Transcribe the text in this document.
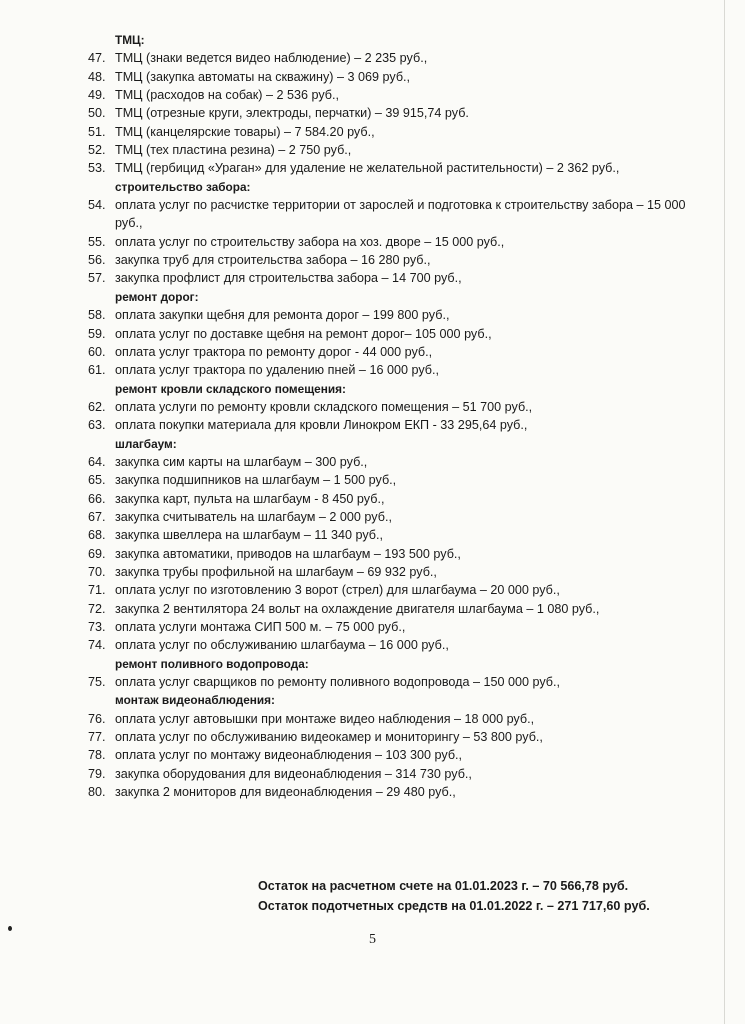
ТМЦ:
47. ТМЦ (знаки ведется видео наблюдение) – 2 235 руб.,
48. ТМЦ (закупка автоматы на скважину) – 3 069 руб.,
49. ТМЦ (расходов на собак) – 2 536 руб.,
50. ТМЦ (отрезные круги, электроды, перчатки) – 39 915,74 руб.
51. ТМЦ (канцелярские товары) – 7 584.20 руб.,
52. ТМЦ (тех пластина резина) – 2 750 руб.,
53. ТМЦ (гербицид «Ураган» для удаление не желательной растительности) – 2 362 руб.,
строительство забора:
54. оплата услуг по расчистке территории от зарослей и подготовка к строительству забора – 15 000 руб.,
55. оплата услуг по строительству забора на хоз. дворе – 15 000 руб.,
56. закупка труб для строительства забора – 16 280 руб.,
57. закупка профлист для строительства забора – 14 700 руб.,
ремонт дорог:
58. оплата закупки щебня для ремонта дорог – 199 800 руб.,
59. оплата услуг по доставке щебня на ремонт дорог– 105 000 руб.,
60. оплата услуг трактора по ремонту дорог - 44 000 руб.,
61. оплата услуг трактора по удалению пней – 16 000 руб.,
ремонт кровли складского помещения:
62. оплата услуги по ремонту кровли складского помещения – 51 700 руб.,
63. оплата покупки материала для кровли Линокром ЕКП - 33 295,64 руб.,
шлагбаум:
64. закупка сим карты на шлагбаум – 300 руб.,
65. закупка подшипников на шлагбаум – 1 500 руб.,
66. закупка карт, пульта на шлагбаум - 8 450 руб.,
67. закупка считыватель на шлагбаум – 2 000 руб.,
68. закупка швеллера на шлагбаум – 11 340 руб.,
69. закупка автоматики, приводов на шлагбаум – 193 500 руб.,
70. закупка трубы профильной на шлагбаум – 69 932 руб.,
71. оплата услуг по изготовлению 3 ворот (стрел) для шлагбаума – 20 000 руб.,
72. закупка 2 вентилятора 24 вольт на охлаждение двигателя шлагбаума – 1 080 руб.,
73. оплата услуги монтажа СИП 500 м. – 75 000 руб.,
74. оплата услуг по обслуживанию шлагбаума – 16 000 руб.,
ремонт поливного водопровода:
75. оплата услуг сварщиков по ремонту поливного водопровода – 150 000 руб.,
монтаж видеонаблюдения:
76. оплата услуг автовышки при монтаже видео наблюдения – 18 000 руб.,
77. оплата услуг по обслуживанию видеокамер и мониторингу – 53 800 руб.,
78. оплата услуг по монтажу видеонаблюдения – 103 300 руб.,
79. закупка оборудования для видеонаблюдения – 314 730 руб.,
80. закупка 2 мониторов для видеонаблюдения – 29 480 руб.,
Остаток на расчетном счете на 01.01.2023 г. – 70 566,78 руб.
Остаток подотчетных средств на 01.01.2022 г. – 271 717,60 руб.
5
